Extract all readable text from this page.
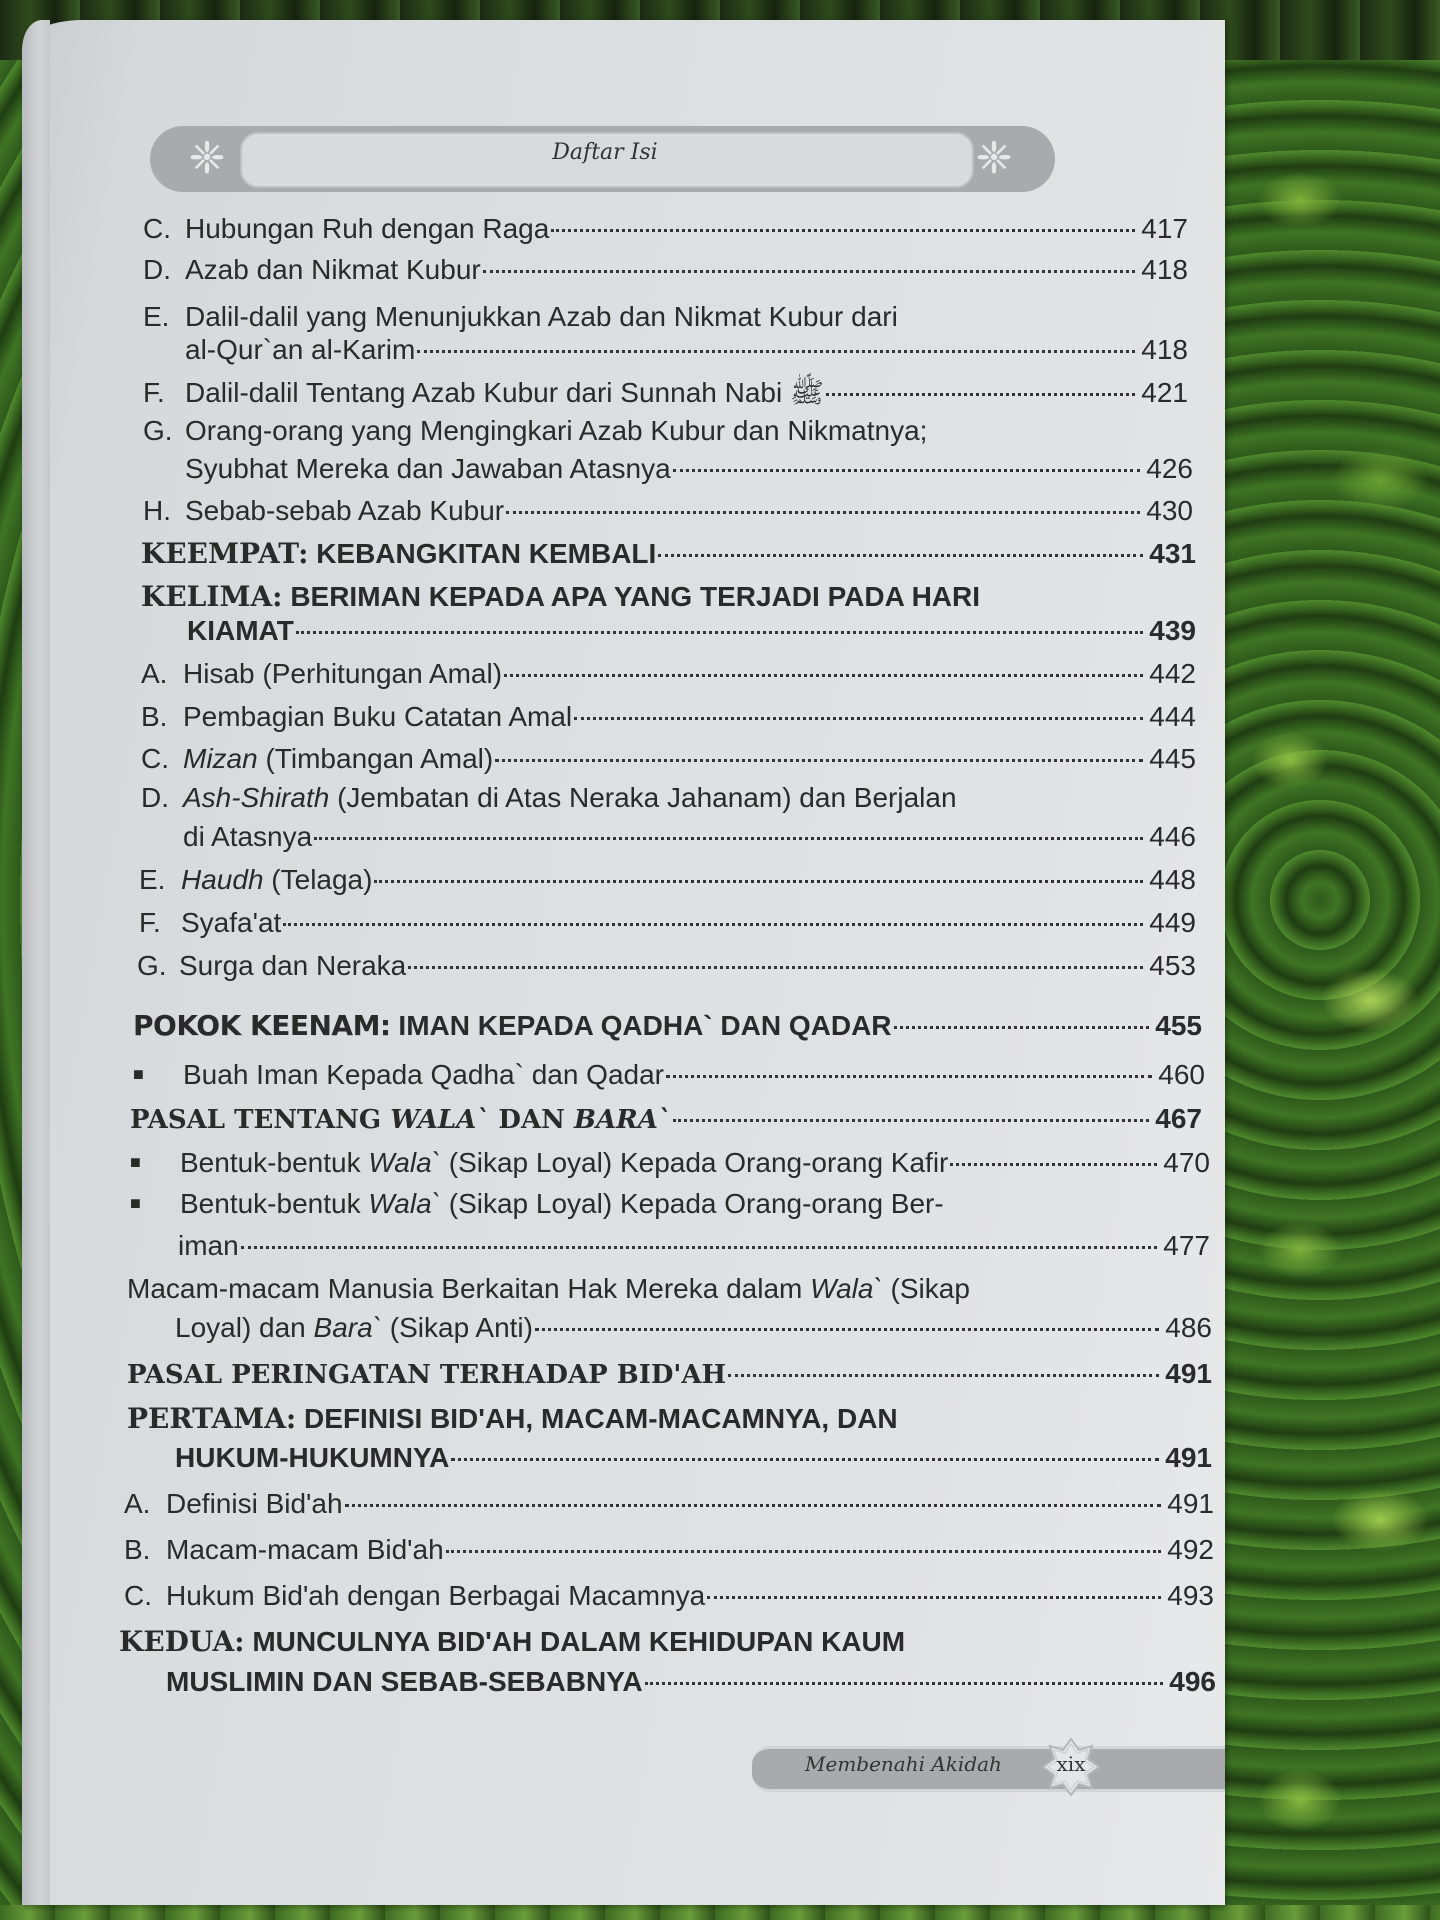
❈	❈
Daftar Isi
C. Hubungan Ruh dengan Raga	417
D. Azab dan Nikmat Kubur	418
E. Dalil-dalil yang Menunjukkan Azab dan Nikmat Kubur dari
al-Qur`an al-Karim	418
F. Dalil-dalil Tentang Azab Kubur dari Sunnah Nabi ﷺ	421
G. Orang-orang yang Mengingkari Azab Kubur dan Nikmatnya;
Syubhat Mereka dan Jawaban Atasnya	426
H. Sebab-sebab Azab Kubur	430
KEEMPAT: KEBANGKITAN KEMBALI	431
KELIMA: BERIMAN KEPADA APA YANG TERJADI PADA HARI
KIAMAT	439
A. Hisab (Perhitungan Amal)	442
B. Pembagian Buku Catatan Amal	444
C. Mizan (Timbangan Amal)	445
D. Ash-Shirath (Jembatan di Atas Neraka Jahanam) dan Berjalan
di Atasnya	446
E. Haudh (Telaga)	448
F. Syafa'at	449
G. Surga dan Neraka	453
POKOK KEENAM: IMAN KEPADA QADHA` DAN QADAR	455
■	Buah Iman Kepada Qadha` dan Qadar	460
PASAL TENTANG WALA` DAN BARA`	467
■	Bentuk-bentuk Wala` (Sikap Loyal) Kepada Orang-orang Kafir	470
■ Bentuk-bentuk Wala` (Sikap Loyal) Kepada Orang-orang Ber-
iman	477
Macam-macam Manusia Berkaitan Hak Mereka dalam Wala` (Sikap
Loyal) dan Bara` (Sikap Anti)	486
PASAL PERINGATAN TERHADAP BID'AH	491
PERTAMA: DEFINISI BID'AH, MACAM-MACAMNYA, DAN
HUKUM-HUKUMNYA	491
A. Definisi Bid'ah	491
B. Macam-macam Bid'ah	492
C. Hukum Bid'ah dengan Berbagai Macamnya	493
KEDUA: MUNCULNYA BID'AH DALAM KEHIDUPAN KAUM
MUSLIMIN DAN SEBAB-SEBABNYA	496
Membenahi Akidah	xix
